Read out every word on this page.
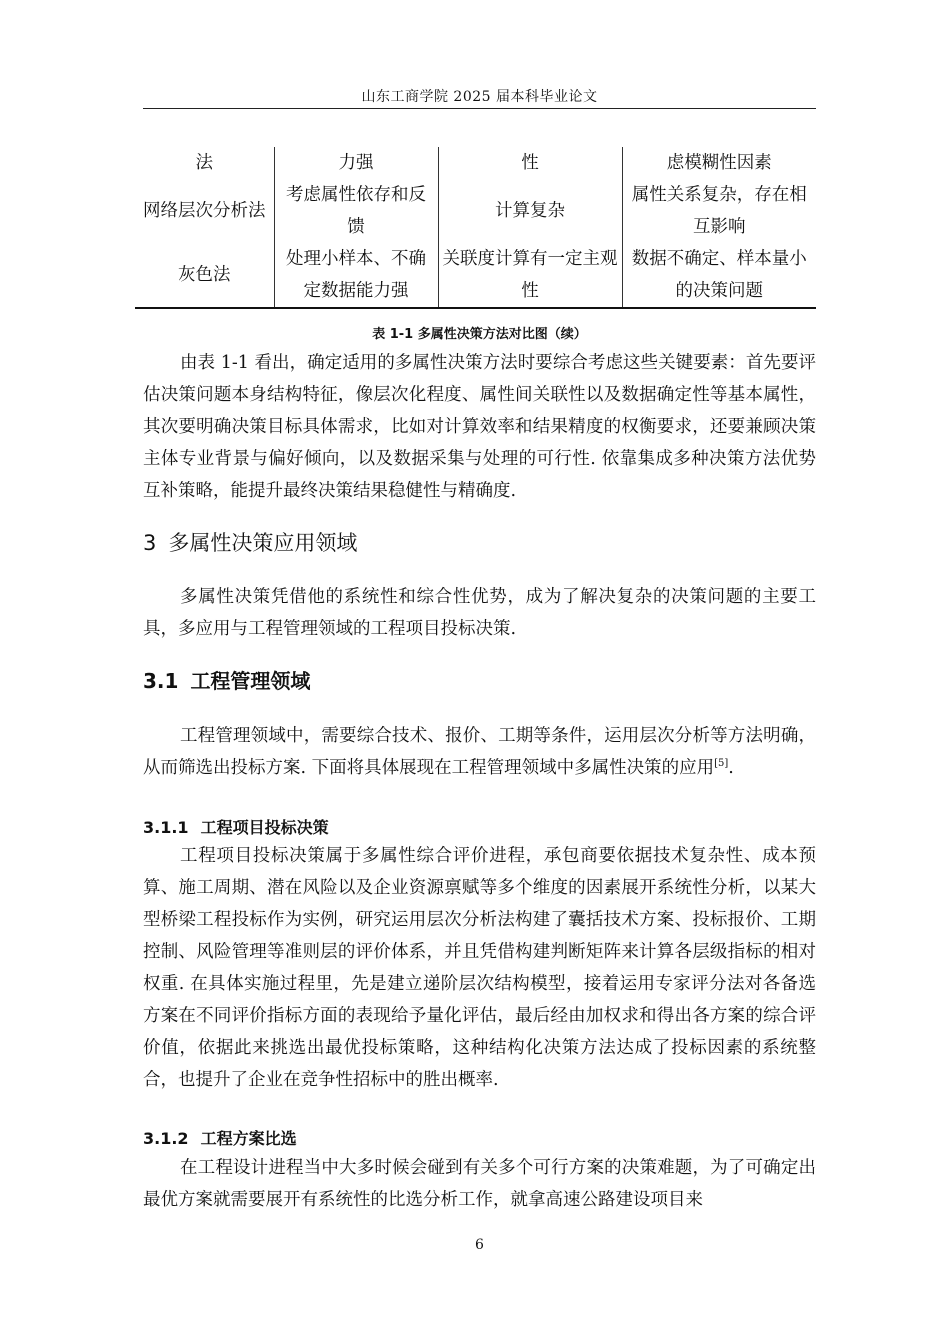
山东工商学院 2025 届本科毕业论文
法	力强	性	虑模糊性因素
网络层次分析法	考虑属性依存和反馈	计算复杂	属性关系复杂，存在相互影响
灰色法	处理小样本、不确定数据能力强	关联度计算有一定主观性	数据不确定、样本量小的决策问题
表 1-1 多属性决策方法对比图（续）

由表 1-1 看出，确定适用的多属性决策方法时要综合考虑这些关键要素：首先要评估决策问题本身结构特征，像层次化程度、属性间关联性以及数据确定性等基本属性，其次要明确决策目标具体需求，比如对计算效率和结果精度的权衡要求，还要兼顾决策主体专业背景与偏好倾向，以及数据采集与处理的可行性. 依靠集成多种决策方法优势互补策略，能提升最终决策结果稳健性与精确度.

3 多属性决策应用领域

多属性决策凭借他的系统性和综合性优势，成为了解决复杂的决策问题的主要工具，多应用与工程管理领域的工程项目投标决策.

3.1 工程管理领域

工程管理领域中，需要综合技术、报价、工期等条件，运用层次分析等方法明确，从而筛选出投标方案. 下面将具体展现在工程管理领域中多属性决策的应用[5].

3.1.1 工程项目投标决策

工程项目投标决策属于多属性综合评价进程，承包商要依据技术复杂性、成本预算、施工周期、潜在风险以及企业资源禀赋等多个维度的因素展开系统性分析，以某大型桥梁工程投标作为实例，研究运用层次分析法构建了囊括技术方案、投标报价、工期控制、风险管理等准则层的评价体系，并且凭借构建判断矩阵来计算各层级指标的相对权重. 在具体实施过程里，先是建立递阶层次结构模型，接着运用专家评分法对各备选方案在不同评价指标方面的表现给予量化评估，最后经由加权求和得出各方案的综合评价值，依据此来挑选出最优投标策略，这种结构化决策方法达成了投标因素的系统整合，也提升了企业在竞争性招标中的胜出概率.

3.1.2 工程方案比选

在工程设计进程当中大多时候会碰到有关多个可行方案的决策难题，为了可确定出最优方案就需要展开有系统性的比选分析工作，就拿高速公路建设项目来

6
